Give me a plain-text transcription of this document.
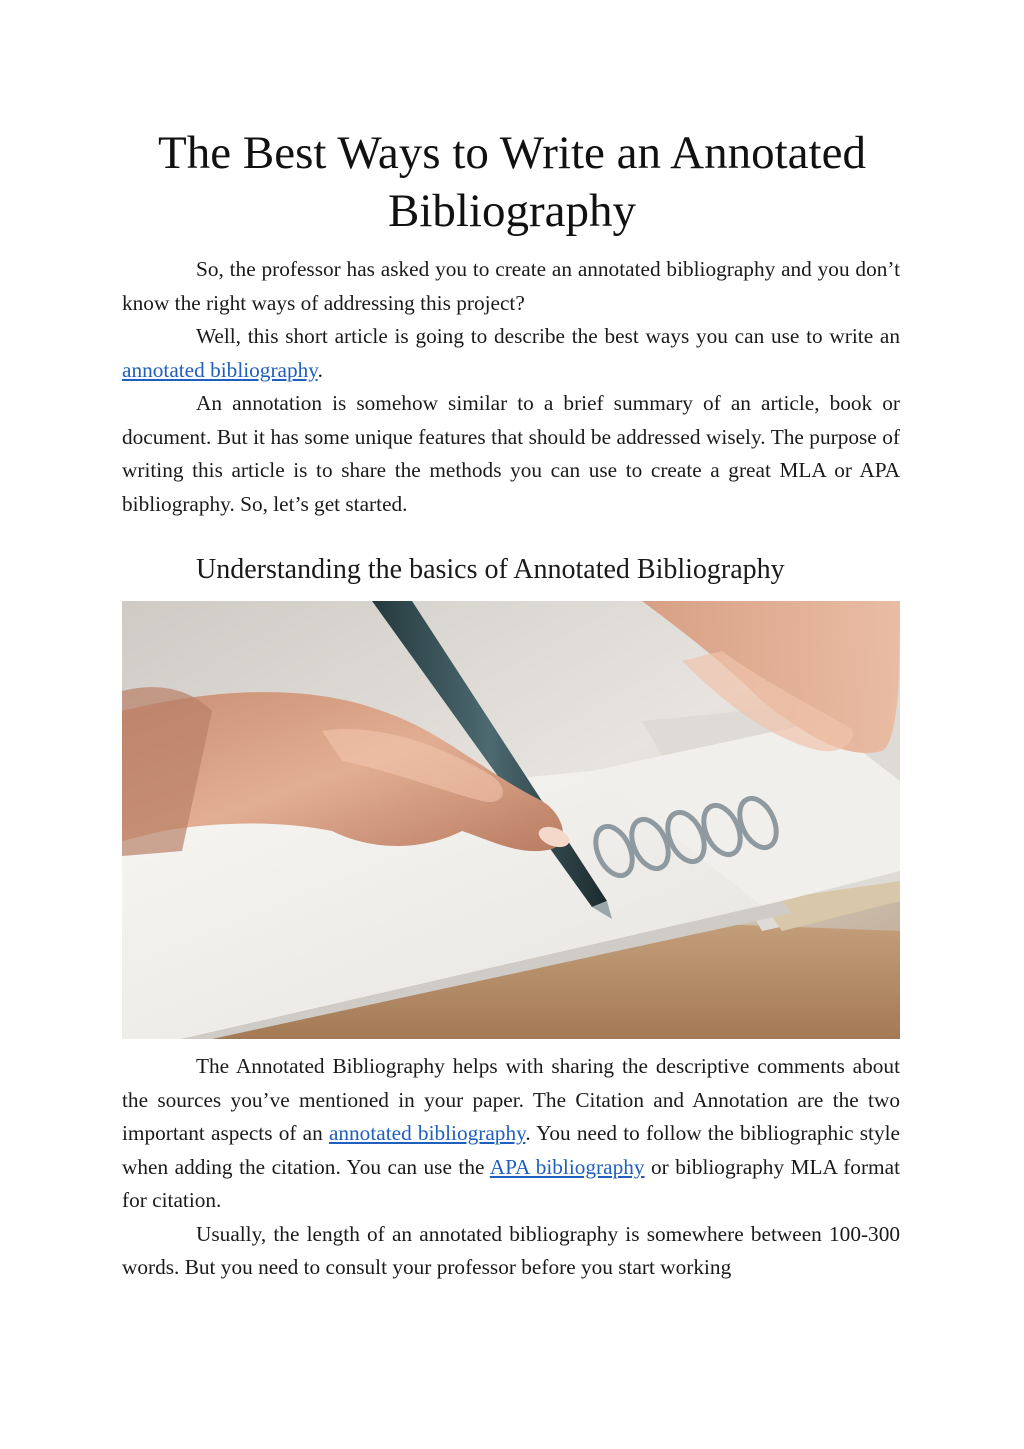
The Best Ways to Write an Annotated Bibliography

So, the professor has asked you to create an annotated bibliography and you don’t know the right ways of addressing this project?

Well, this short article is going to describe the best ways you can use to write an annotated bibliography.

An annotation is somehow similar to a brief summary of an article, book or document. But it has some unique features that should be addressed wisely. The purpose of writing this article is to share the methods you can use to create a great MLA or APA bibliography. So, let’s get started.

Understanding the basics of Annotated Bibliography

The Annotated Bibliography helps with sharing the descriptive comments about the sources you’ve mentioned in your paper. The Citation and Annotation are the two important aspects of an annotated bibliography. You need to follow the bibliographic style when adding the citation. You can use the APA bibliography or bibliography MLA format for citation.

Usually, the length of an annotated bibliography is somewhere between 100-300 words. But you need to consult your professor before you start working
